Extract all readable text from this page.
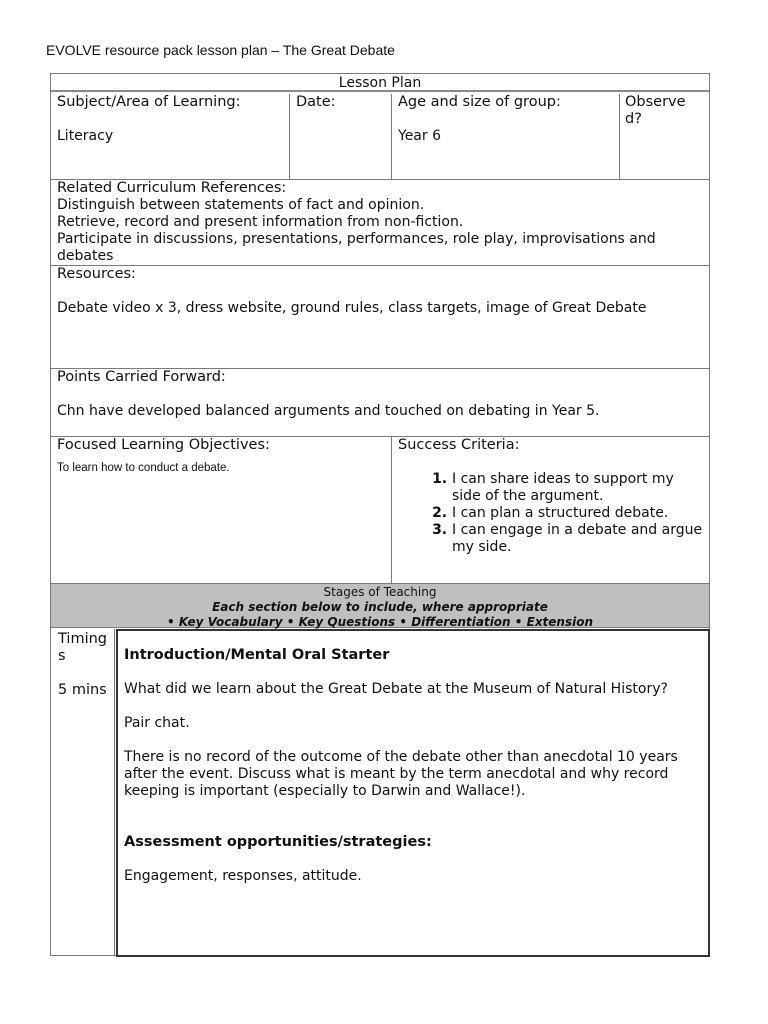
EVOLVE resource pack lesson plan – The Great Debate
Lesson Plan

Subject/Area of Learning:

Literacy

Date:	Age and size of group:

Year 6

Observe d?

Related Curriculum References:

Distinguish between statements of fact and opinion.

Retrieve, record and present information from non-fiction.

Participate in discussions, presentations, performances, role play, improvisations and debates

Resources:

Debate video x 3, dress website, ground rules, class targets, image of Great Debate

Points Carried Forward:

Chn have developed balanced arguments and touched on debating in Year 5.

Focused Learning Objectives:

To learn how to conduct a debate.

Success Criteria:

1. I can share ideas to support my side of the argument.
2. I can plan a structured debate.
3. I can engage in a debate and argue my side.
Stages of Teaching
Each section below to include, where appropriate
• Key Vocabulary • Key Questions • Differentiation • Extension

Timings

5 mins

Introduction/Mental Oral Starter

What did we learn about the Great Debate at the Museum of Natural History?

Pair chat.

There is no record of the outcome of the debate other than anecdotal 10 years after the event. Discuss what is meant by the term anecdotal and why record keeping is important (especially to Darwin and Wallace!).

Assessment opportunities/strategies:

Engagement, responses, attitude.
